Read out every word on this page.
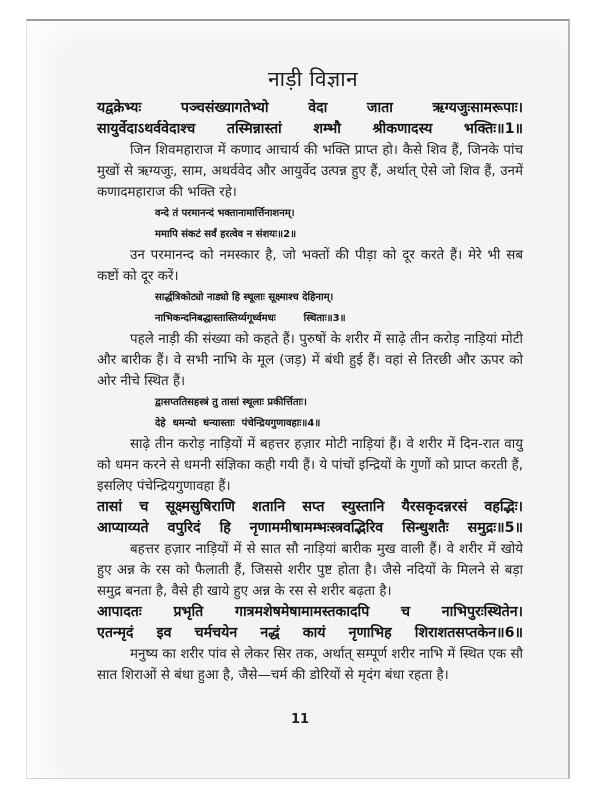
नाड़ी विज्ञान
यद्वक्रेभ्यः पञ्चसंख्यागतेभ्यो वेदा जाता ऋग्यजुःसामरूपाः।
सायुर्वेदाऽथर्ववेदाश्च तस्मिन्नास्तां शम्भौ श्रीकणादस्य भक्तिः॥1॥

जिन शिवमहाराज में कणाद आचार्य की भक्ति प्राप्त हो। कैसे शिव हैं, जिनके पांच मुखों से ऋग्यजुः, साम, अथर्ववेद और आयुर्वेद उत्पन्न हुए हैं, अर्थात् ऐसे जो शिव हैं, उनमें कणादमहाराज की भक्ति रहे।

वन्दे तं परमानन्दं भक्तानामार्त्तिनाशनम्।
ममापि संकटं सर्वं हरत्वेव न संशयः॥2॥

उन परमानन्द को नमस्कार है, जो भक्तों की पीड़ा को दूर करते हैं। मेरे भी सब कष्टों को दूर करें।

सार्द्धत्रिकोट्यो नाड्यो हि स्थूलाः सूक्ष्माश्च देहिनाम्।
नाभिकन्दनिबद्धास्तास्तिर्य्यगूर्ध्वमधः        स्थिताः॥3॥

पहले नाड़ी की संख्या को कहते हैं। पुरुषों के शरीर में साढ़े तीन करोड़ नाड़ियां मोटी और बारीक हैं। वे सभी नाभि के मूल (जड़) में बंधी हुई हैं। वहां से तिरछी और ऊपर को ओर नीचे स्थित हैं।

द्वासप्ततिसहस्त्रं तु तासां स्थूलाः प्रकीर्त्तिताः।
देहे  धमन्यो  धन्यास्ताः  पंचेन्द्रियगुणावहाः॥4॥

साढ़े तीन करोड़ नाड़ियों में बहत्तर हज़ार मोटी नाड़ियां हैं। वे शरीर में दिन-रात वायु को धमन करने से धमनी संज्ञिका कही गयी हैं। ये पांचों इन्द्रियों के गुणों को प्राप्त करती हैं, इसलिए पंचेन्द्रियगुणावहा हैं।

तासां च सूक्ष्मसुषिराणि शतानि सप्त स्युस्तानि यैरसकृदन्नरसं वहद्भिः।
आप्याय्यते वपुरिदं हि नृणाममीषामम्भःस्त्रवद्भिरिव सिन्धुशतैः समुद्रः॥5॥

बहत्तर हज़ार नाड़ियों में से सात सौ नाड़ियां बारीक मुख वाली हैं। वे शरीर में खोये हुए अन्न के रस को फैलाती हैं, जिससे शरीर पुष्ट होता है। जैसे नदियों के मिलने से बड़ा समुद्र बनता है, वैसे ही खाये हुए अन्न के रस से शरीर बढ़ता है।

आपादतः प्रभृति गात्रमशेषमेषामामस्तकादपि च नाभिपुरःस्थितेन।
एतन्मृदं इव चर्मचयेन नद्धं कायं नृणाभिह शिराशतसप्तकेन॥6॥

मनुष्य का शरीर पांव से लेकर सिर तक, अर्थात् सम्पूर्ण शरीर नाभि में स्थित एक सौ सात शिराओं से बंधा हुआ है, जैसे—चर्म की डोरियों से मृदंग बंधा रहता है।

11
